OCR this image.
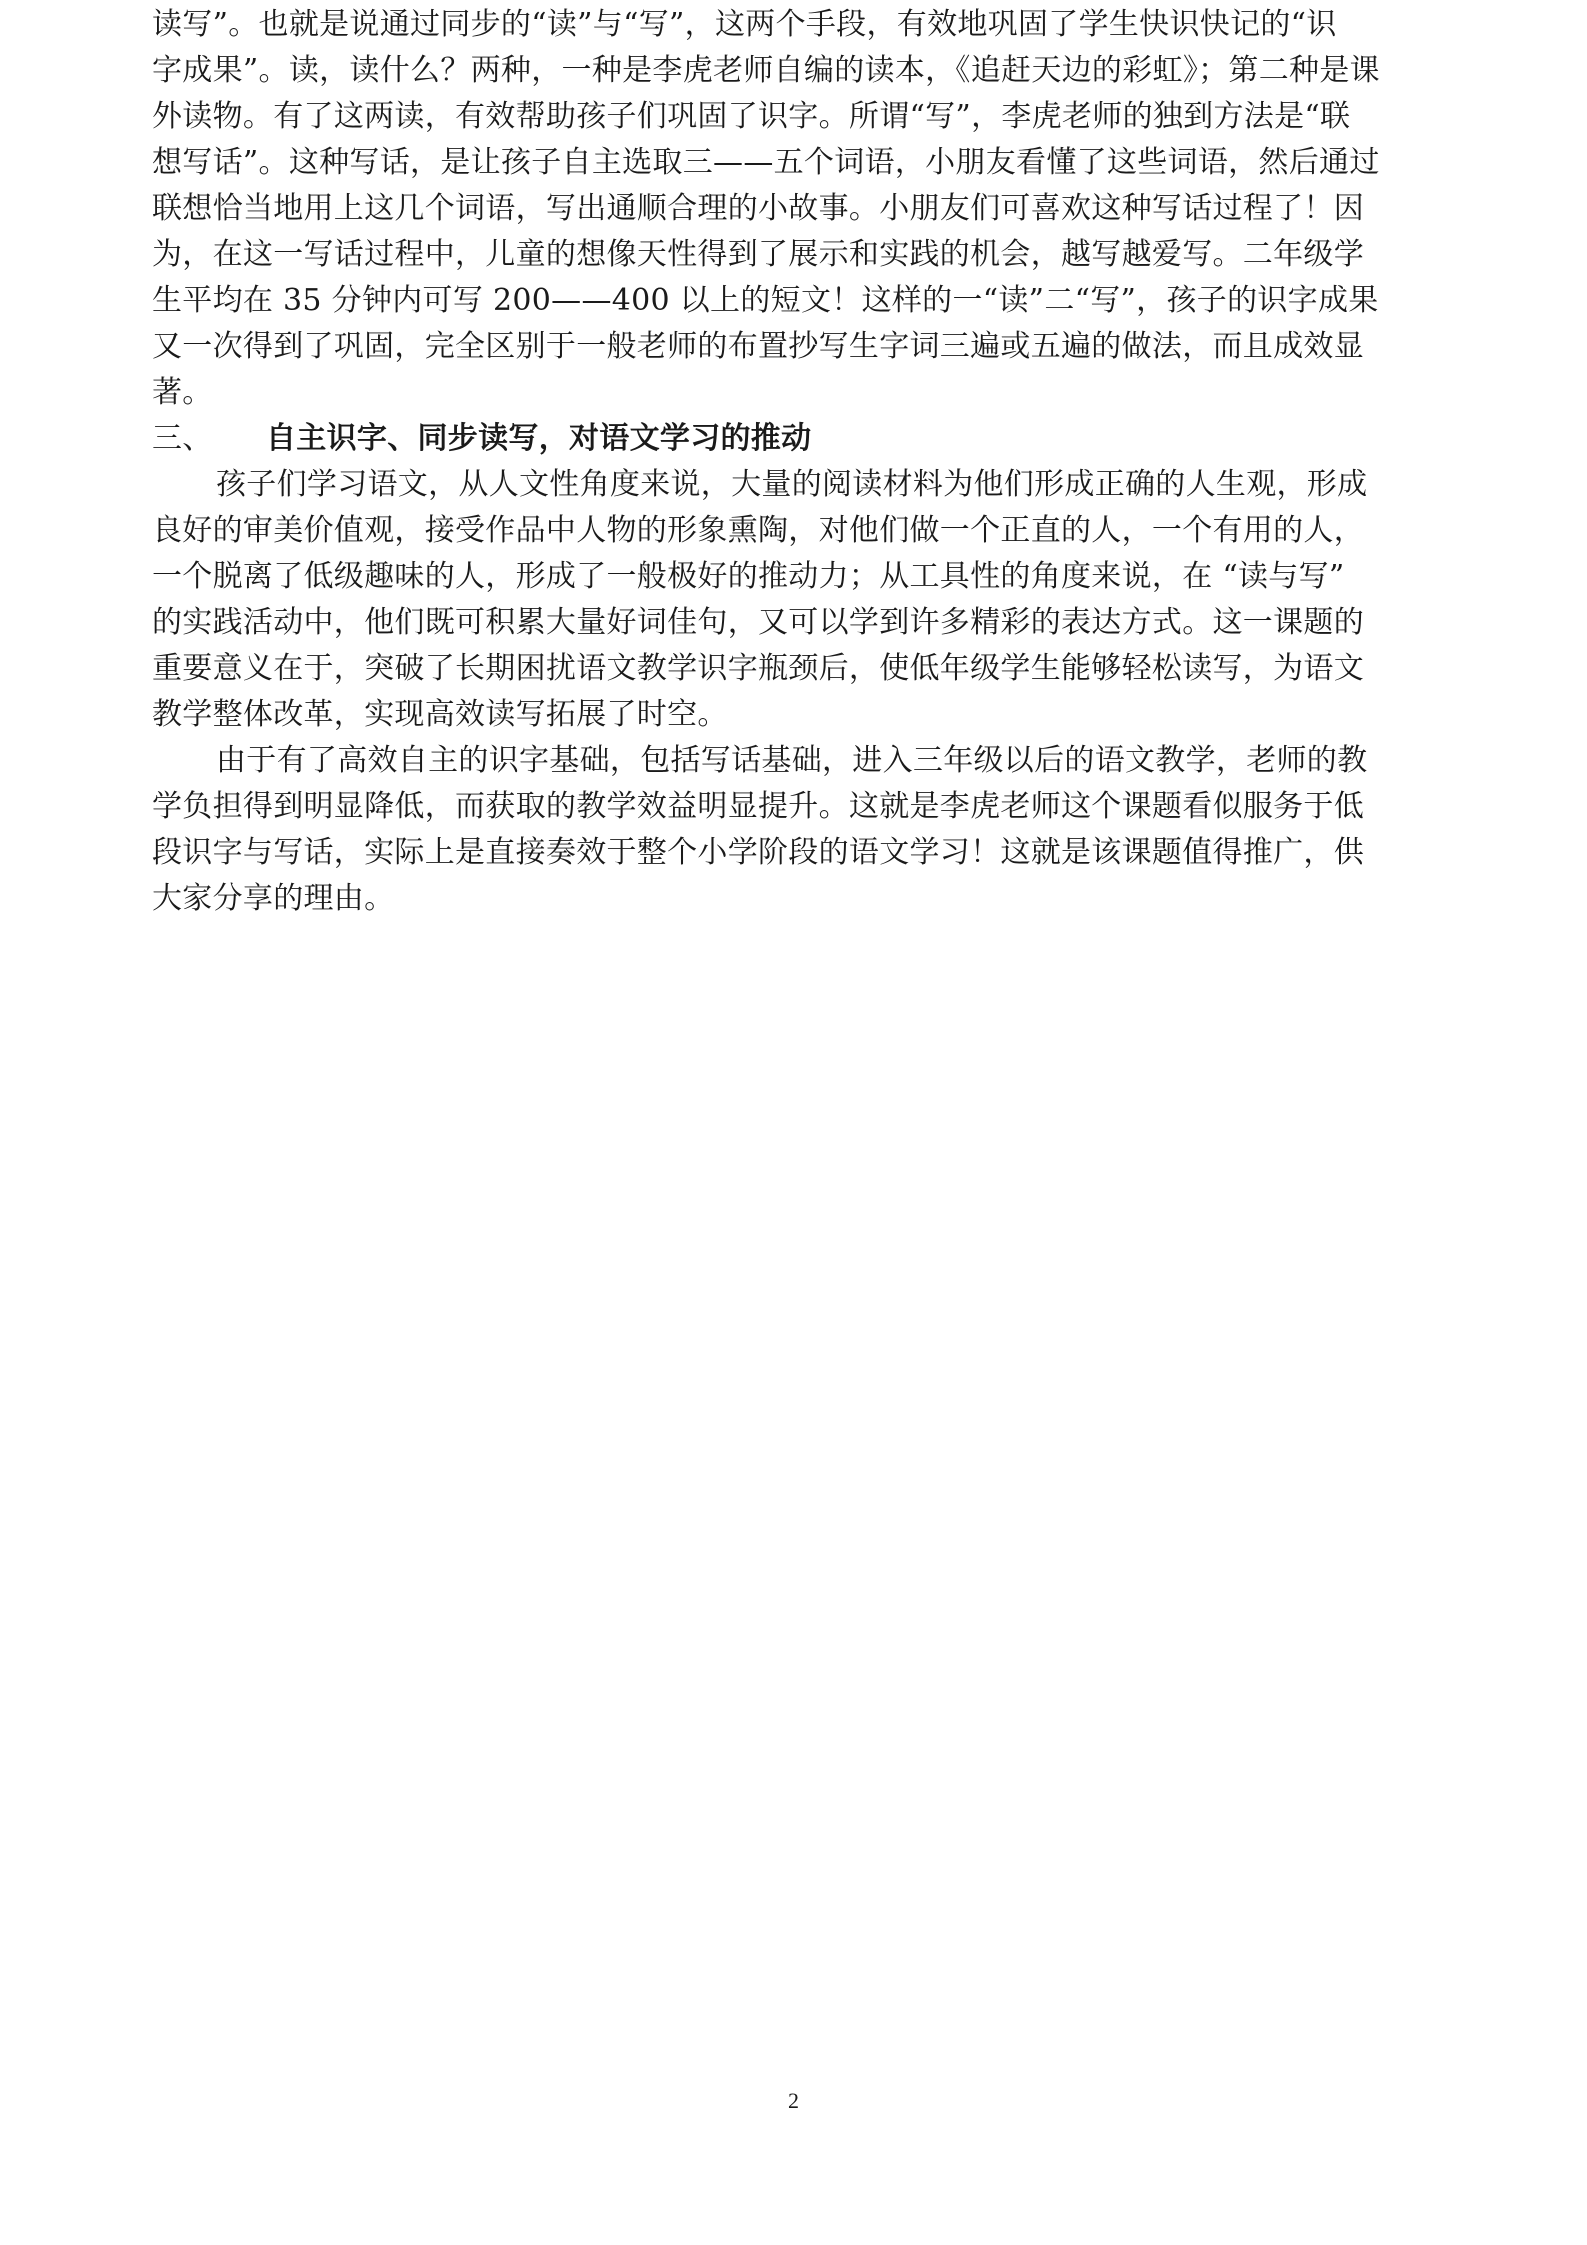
读写”。也就是说通过同步的“读”与“写”，这两个手段，有效地巩固了学生快识快记的“识
字成果”。读，读什么？两种，一种是李虎老师自编的读本，《追赶天边的彩虹》；第二种是课
外读物。有了这两读，有效帮助孩子们巩固了识字。所谓“写”，李虎老师的独到方法是“联
想写话”。这种写话，是让孩子自主选取三——五个词语，小朋友看懂了这些词语，然后通过
联想恰当地用上这几个词语，写出通顺合理的小故事。小朋友们可喜欢这种写话过程了！因
为，在这一写话过程中，儿童的想像天性得到了展示和实践的机会，越写越爱写。二年级学
生平均在 35 分钟内可写 200——400 以上的短文！这样的一“读”二“写”，孩子的识字成果
又一次得到了巩固，完全区别于一般老师的布置抄写生字词三遍或五遍的做法，而且成效显
著。
三、 自主识字、同步读写，对语文学习的推动
孩子们学习语文，从人文性角度来说，大量的阅读材料为他们形成正确的人生观，形成
良好的审美价值观，接受作品中人物的形象熏陶，对他们做一个正直的人，一个有用的人，
一个脱离了低级趣味的人，形成了一般极好的推动力；从工具性的角度来说，在 “读与写”
的实践活动中，他们既可积累大量好词佳句，又可以学到许多精彩的表达方式。这一课题的
重要意义在于，突破了长期困扰语文教学识字瓶颈后，使低年级学生能够轻松读写，为语文
教学整体改革，实现高效读写拓展了时空。
由于有了高效自主的识字基础，包括写话基础，进入三年级以后的语文教学，老师的教
学负担得到明显降低，而获取的教学效益明显提升。这就是李虎老师这个课题看似服务于低
段识字与写话，实际上是直接奏效于整个小学阶段的语文学习！这就是该课题值得推广，供
大家分享的理由。
2
